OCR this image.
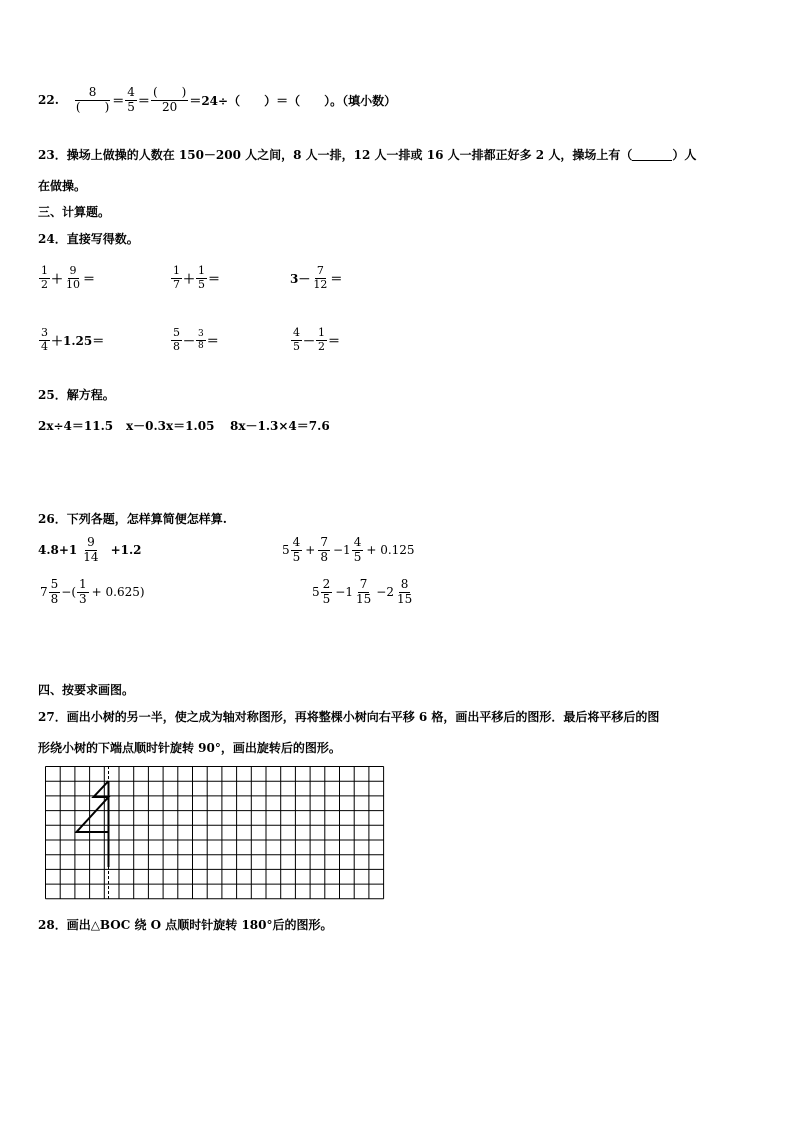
22. $\frac{8}{( )} = \frac{4}{5} = \frac{( )}{20} =24\div$（　　）＝（　　）。（填小数）
23．操场上做操的人数在 150－200 人之间，8 人一排，12 人一排或 16 人一排都正好多 2 人，操场上有（	）人
在做操。
三、计算题。
24．直接写得数。
$\frac{1}{2} + \frac{9}{10}$ ＝	$\frac{1}{7} + \frac{1}{5}$ ＝	$3- \frac{7}{12}$ ＝
$\frac{3}{4} +1.25=$	$\frac{5}{8} - \frac{3}{8}$ ＝	$\frac{4}{5} - \frac{1}{2}$ ＝
25．解方程。
2x÷4＝11.5 x－0.3x＝1.05 8x－1.3×4＝7.6
26．下列各题，怎样算简便怎样算.
$4.8+1 \frac{9}{14} +1.2$	$5 \frac{4}{5} + \frac{7}{8} -1 \frac{4}{5} + 0.125$
$7 \frac{5}{8}$ −( $\frac{1}{3} + 0.625$)	$5 \frac{2}{5} -1 \frac{7}{15} -2 \frac{8}{15}$
四、按要求画图。
27．画出小树的另一半，使之成为轴对称图形，再将整棵小树向右平移 6 格，画出平移后的图形．最后将平移后的图
形绕小树的下端点顺时针旋转 90°，画出旋转后的图形。
28．画出△BOC 绕 O 点顺时针旋转 180°后的图形。
